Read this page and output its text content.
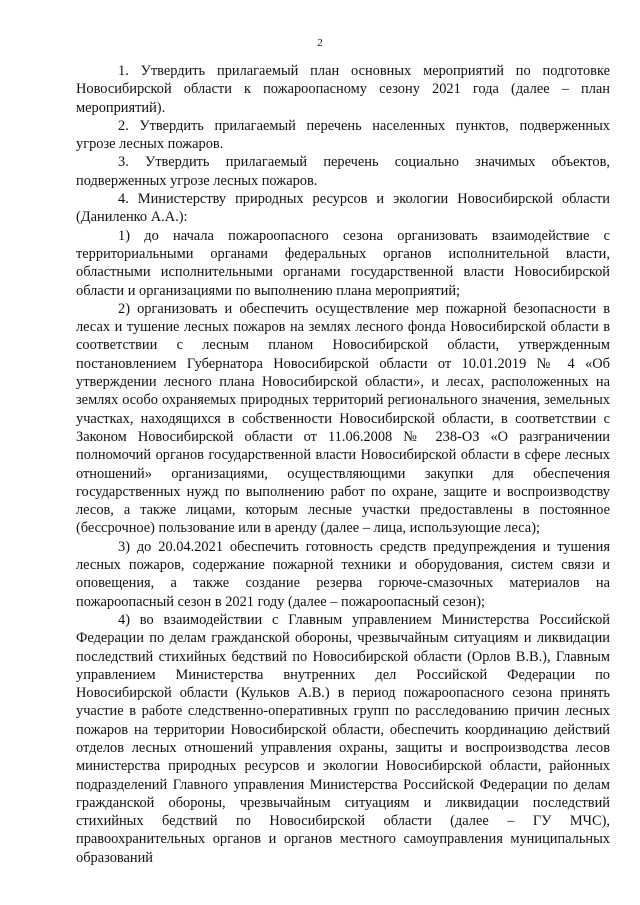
2

1. Утвердить прилагаемый план основных мероприятий по подготовке Новосибирской области к пожароопасному сезону 2021 года (далее – план мероприятий).

2. Утвердить прилагаемый перечень населенных пунктов, подверженных угрозе лесных пожаров.

3. Утвердить прилагаемый перечень социально значимых объектов, подверженных угрозе лесных пожаров.

4. Министерству природных ресурсов и экологии Новосибирской области (Даниленко А.А.):

1) до начала пожароопасного сезона организовать взаимодействие с территориальными органами федеральных органов исполнительной власти, областными исполнительными органами государственной власти Новосибирской области и организациями по выполнению плана мероприятий;

2) организовать и обеспечить осуществление мер пожарной безопасности в лесах и тушение лесных пожаров на землях лесного фонда Новосибирской области в соответствии с лесным планом Новосибирской области, утвержденным постановлением Губернатора Новосибирской области от 10.01.2019 № 4 «Об утверждении лесного плана Новосибирской области», и лесах, расположенных на землях особо охраняемых природных территорий регионального значения, земельных участках, находящихся в собственности Новосибирской области, в соответствии с Законом Новосибирской области от 11.06.2008 № 238-ОЗ «О разграничении полномочий органов государственной власти Новосибирской области в сфере лесных отношений» организациями, осуществляющими закупки для обеспечения государственных нужд по выполнению работ по охране, защите и воспроизводству лесов, а также лицами, которым лесные участки предоставлены в постоянное (бессрочное) пользование или в аренду (далее – лица, использующие леса);

3) до 20.04.2021 обеспечить готовность средств предупреждения и тушения лесных пожаров, содержание пожарной техники и оборудования, систем связи и оповещения, а также создание резерва горюче-смазочных материалов на пожароопасный сезон в 2021 году (далее – пожароопасный сезон);

4) во взаимодействии с Главным управлением Министерства Российской Федерации по делам гражданской обороны, чрезвычайным ситуациям и ликвидации последствий стихийных бедствий по Новосибирской области (Орлов В.В.), Главным управлением Министерства внутренних дел Российской Федерации по Новосибирской области (Кульков А.В.) в период пожароопасного сезона принять участие в работе следственно-оперативных групп по расследованию причин лесных пожаров на территории Новосибирской области, обеспечить координацию действий отделов лесных отношений управления охраны, защиты и воспроизводства лесов министерства природных ресурсов и экологии Новосибирской области, районных подразделений Главного управления Министерства Российской Федерации по делам гражданской обороны, чрезвычайным ситуациям и ликвидации последствий стихийных бедствий по Новосибирской области (далее – ГУ МЧС), правоохранительных органов и органов местного самоуправления муниципальных образований
